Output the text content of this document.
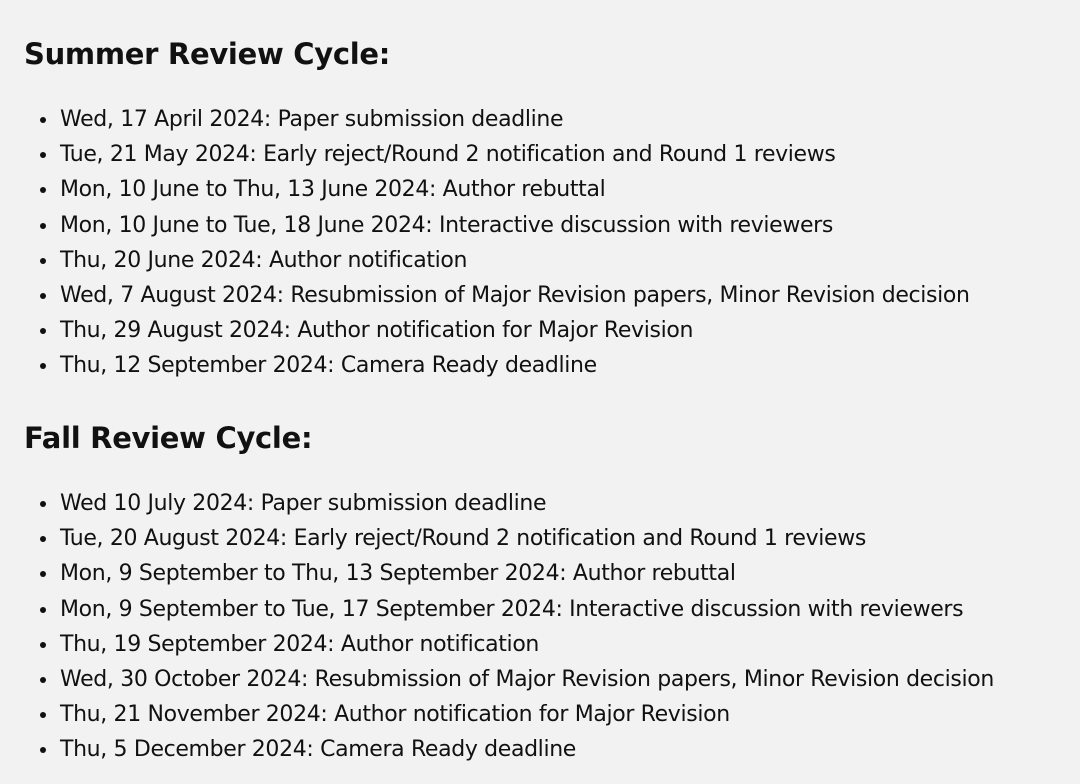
Summer Review Cycle:
Wed, 17 April 2024: Paper submission deadline
Tue, 21 May 2024: Early reject/Round 2 notification and Round 1 reviews
Mon, 10 June to Thu, 13 June 2024: Author rebuttal
Mon, 10 June to Tue, 18 June 2024: Interactive discussion with reviewers
Thu, 20 June 2024: Author notification
Wed, 7 August 2024: Resubmission of Major Revision papers, Minor Revision decision
Thu, 29 August 2024: Author notification for Major Revision
Thu, 12 September 2024: Camera Ready deadline
Fall Review Cycle:
Wed 10 July 2024: Paper submission deadline
Tue, 20 August 2024: Early reject/Round 2 notification and Round 1 reviews
Mon, 9 September to Thu, 13 September 2024: Author rebuttal
Mon, 9 September to Tue, 17 September 2024: Interactive discussion with reviewers
Thu, 19 September 2024: Author notification
Wed, 30 October 2024: Resubmission of Major Revision papers, Minor Revision decision
Thu, 21 November 2024: Author notification for Major Revision
Thu, 5 December 2024: Camera Ready deadline
